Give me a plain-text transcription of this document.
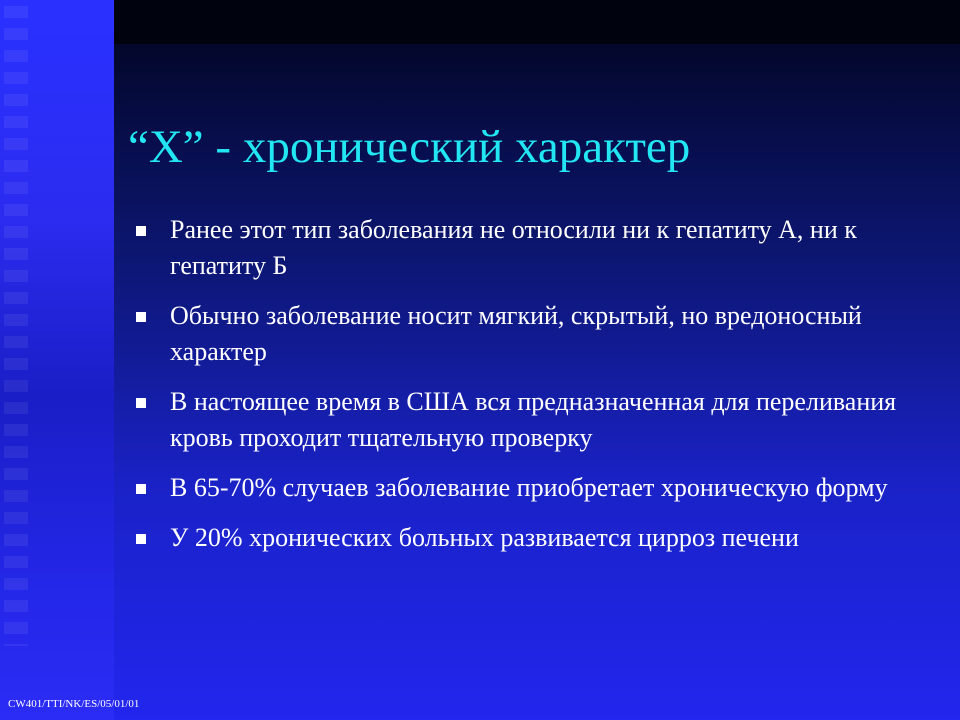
“X” - хронический характер
Ранее этот тип заболевания не относили ни к гепатиту А, ни к гепатиту Б
Обычно заболевание носит мягкий, скрытый, но вредоносный характер
В настоящее время в США вся предназначенная для переливания кровь проходит тщательную проверку
В 65-70% случаев заболевание приобретает хроническую форму
У 20% хронических больных развивается цирроз печени
CW401/TTI/NK/ES/05/01/01
